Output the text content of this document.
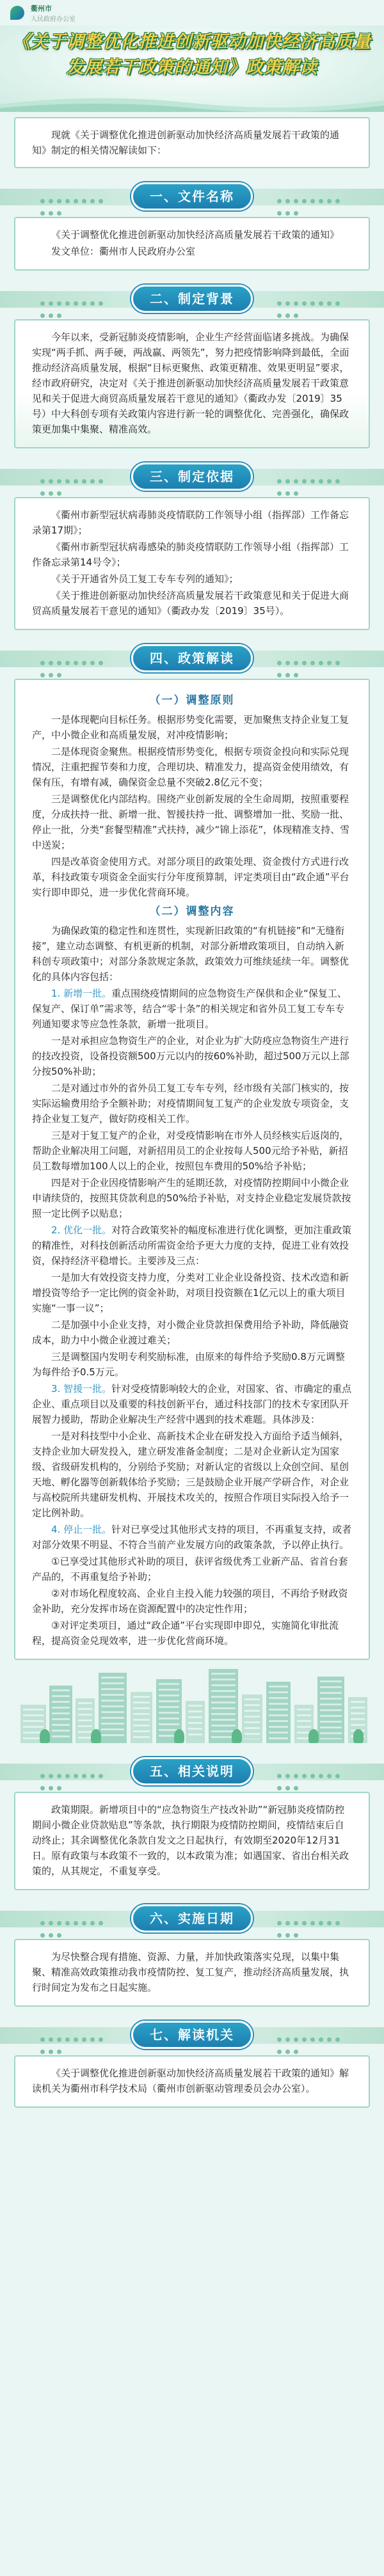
衢州市
人民政府办公室
《关于调整优化推进创新驱动加快经济高质量
发展若干政策的通知》政策解读
现就《关于调整优化推进创新驱动加快经济高质量发展若干政策的通知》制定的相关情况解读如下：
一、文件名称

《关于调整优化推进创新驱动加快经济高质量发展若干政策的通知》

发文单位：衢州市人民政府办公室

二、制定背景

今年以来，受新冠肺炎疫情影响，企业生产经营面临诸多挑战。为确保实现“两手抓、两手硬，两战赢、两领先”，努力把疫情影响降到最低，全面推动经济高质量发展，根据“目标更聚焦、政策更精准、效果更明显”要求，经市政府研究，决定对《关于推进创新驱动加快经济高质量发展若干政策意见和关于促进大商贸高质量发展若干意见的通知》（衢政办发〔2019〕35号）中大科创专项有关政策内容进行新一轮的调整优化、完善强化，确保政策更加集中集聚、精准高效。

三、制定依据

《衢州市新型冠状病毒肺炎疫情联防工作领导小组（指挥部）工作备忘录第17期》；

《衢州市新型冠状病毒感染的肺炎疫情联防工作领导小组（指挥部）工作备忘录第14号令》；

《关于开通省外员工复工专车专列的通知》；

《关于推进创新驱动加快经济高质量发展若干政策意见和关于促进大商贸高质量发展若干意见的通知》（衢政办发〔2019〕35号）。

四、政策解读
（一）调整原则

一是体现靶向目标任务。根据形势变化需要，更加聚焦支持企业复工复产，中小微企业和高质量发展，对冲疫情影响；

二是体现资金聚焦。根据疫情形势变化，根据专项资金投向和实际兑现情况，注重把握节奏和力度，合理切块、精准发力，提高资金使用绩效，有保有压，有增有减，确保资金总量不突破2.8亿元不变；

三是调整优化内部结构。围绕产业创新发展的全生命周期，按照重要程度，分成扶持一批、新增一批、智援扶持一批、调整增加一批、奖励一批、停止一批，分类“套餐型精准”式扶持，减少“锦上添花”，体现精准支持、雪中送炭；

四是改革资金使用方式。对部分项目的政策处理、资金拨付方式进行改革，科技政策专项资金全面实行分年度预算制，评定类项目由“政企通”平台实行即申即兑，进一步优化营商环境。

（二）调整内容

为确保政策的稳定性和连贯性，实现新旧政策的“有机链接”和“无缝衔接”，建立动态调整、有机更新的机制，对部分新增政策项目，自动纳入新科创专项政策中；对部分条款规定条款，政策效力可维续延续一年。调整优化的具体内容包括：

1. 新增一批。重点围绕疫情期间的应急物资生产保供和企业“保复工、保复产、保订单”需求等，结合“零十条”的相关规定和省外员工复工专车专列通知要求等应急性条款，新增一批项目。

一是对承担应急物资生产的企业，对企业为扩大防疫应急物资生产进行的技改投资，设备投资额500万元以内的按60%补助，超过500万元以上部分按50%补助；

二是对通过市外的省外员工复工专车专列，经市级有关部门核实的，按实际运输费用给予全额补助；对疫情期间复工复产的企业发放专项资金，支持企业复工复产，做好防疫相关工作。

三是对于复工复产的企业，对受疫情影响在市外人员经核实后返岗的，帮助企业解决用工问题，对新招用员工的企业按每人500元给予补贴，新招员工数每增加100人以上的企业，按照包车费用的50%给予补贴；

四是对于企业因疫情影响产生的延期还款，对疫情防控期间中小微企业申请续贷的，按照其贷款利息的50%给予补贴，对支持企业稳定发展贷款按照一定比例予以贴息；

2. 优化一批。对符合政策奖补的幅度标准进行优化调整，更加注重政策的精准性，对科技创新活动所需资金给予更大力度的支持，促进工业有效投资，保持经济平稳增长。主要涉及三点：

一是加大有效投资支持力度，分类对工业企业设备投资、技术改造和新增投资等给予一定比例的资金补助，对项目投资额在1亿元以上的重大项目实施“一事一议”；

二是加强中小企业支持，对小微企业贷款担保费用给予补助，降低融资成本，助力中小微企业渡过难关；

三是调整国内发明专利奖励标准，由原来的每件给予奖励0.8万元调整为每件给予0.5万元。

3. 智援一批。针对受疫情影响较大的企业，对国家、省、市确定的重点企业、重点项目以及重要的科技创新平台，通过科技部门的技术专家团队开展智力援助，帮助企业解决生产经营中遇到的技术难题。具体涉及：

一是对科技型中小企业、高新技术企业在研发投入方面给予适当倾斜，支持企业加大研发投入，建立研发准备金制度；二是对企业新认定为国家级、省级研发机构的，分别给予奖励；对新认定的省级以上众创空间、星创天地、孵化器等创新载体给予奖励；三是鼓励企业开展产学研合作，对企业与高校院所共建研发机构、开展技术攻关的，按照合作项目实际投入给予一定比例补助。

4. 停止一批。针对已享受过其他形式支持的项目，不再重复支持，或者对部分效果不明显、不符合当前产业发展方向的政策条款，予以停止执行。

①已享受过其他形式补助的项目，获评省级优秀工业新产品、省首台套产品的，不再重复给予补助；

②对市场化程度较高、企业自主投入能力较强的项目，不再给予财政资金补助，充分发挥市场在资源配置中的决定性作用；

③对评定类项目，通过“政企通”平台实现即申即兑，实施简化审批流程，提高资金兑现效率，进一步优化营商环境。

五、相关说明

政策期限。新增项目中的“应急物资生产技改补助”“新冠肺炎疫情防控期间小微企业贷款贴息”等条款，执行期限为疫情防控期间，疫情结束后自动终止；其余调整优化条款自发文之日起执行，有效期至2020年12月31日。原有政策与本政策不一致的，以本政策为准；如遇国家、省出台相关政策的，从其规定，不重复享受。

六、实施日期

为尽快整合现有措施、资源、力量，并加快政策落实兑现，以集中集聚、精准高效政策推动我市疫情防控、复工复产，推动经济高质量发展，执行时间定为发布之日起实施。

七、解读机关

《关于调整优化推进创新驱动加快经济高质量发展若干政策的通知》解读机关为衢州市科学技术局（衢州市创新驱动管理委员会办公室）。
